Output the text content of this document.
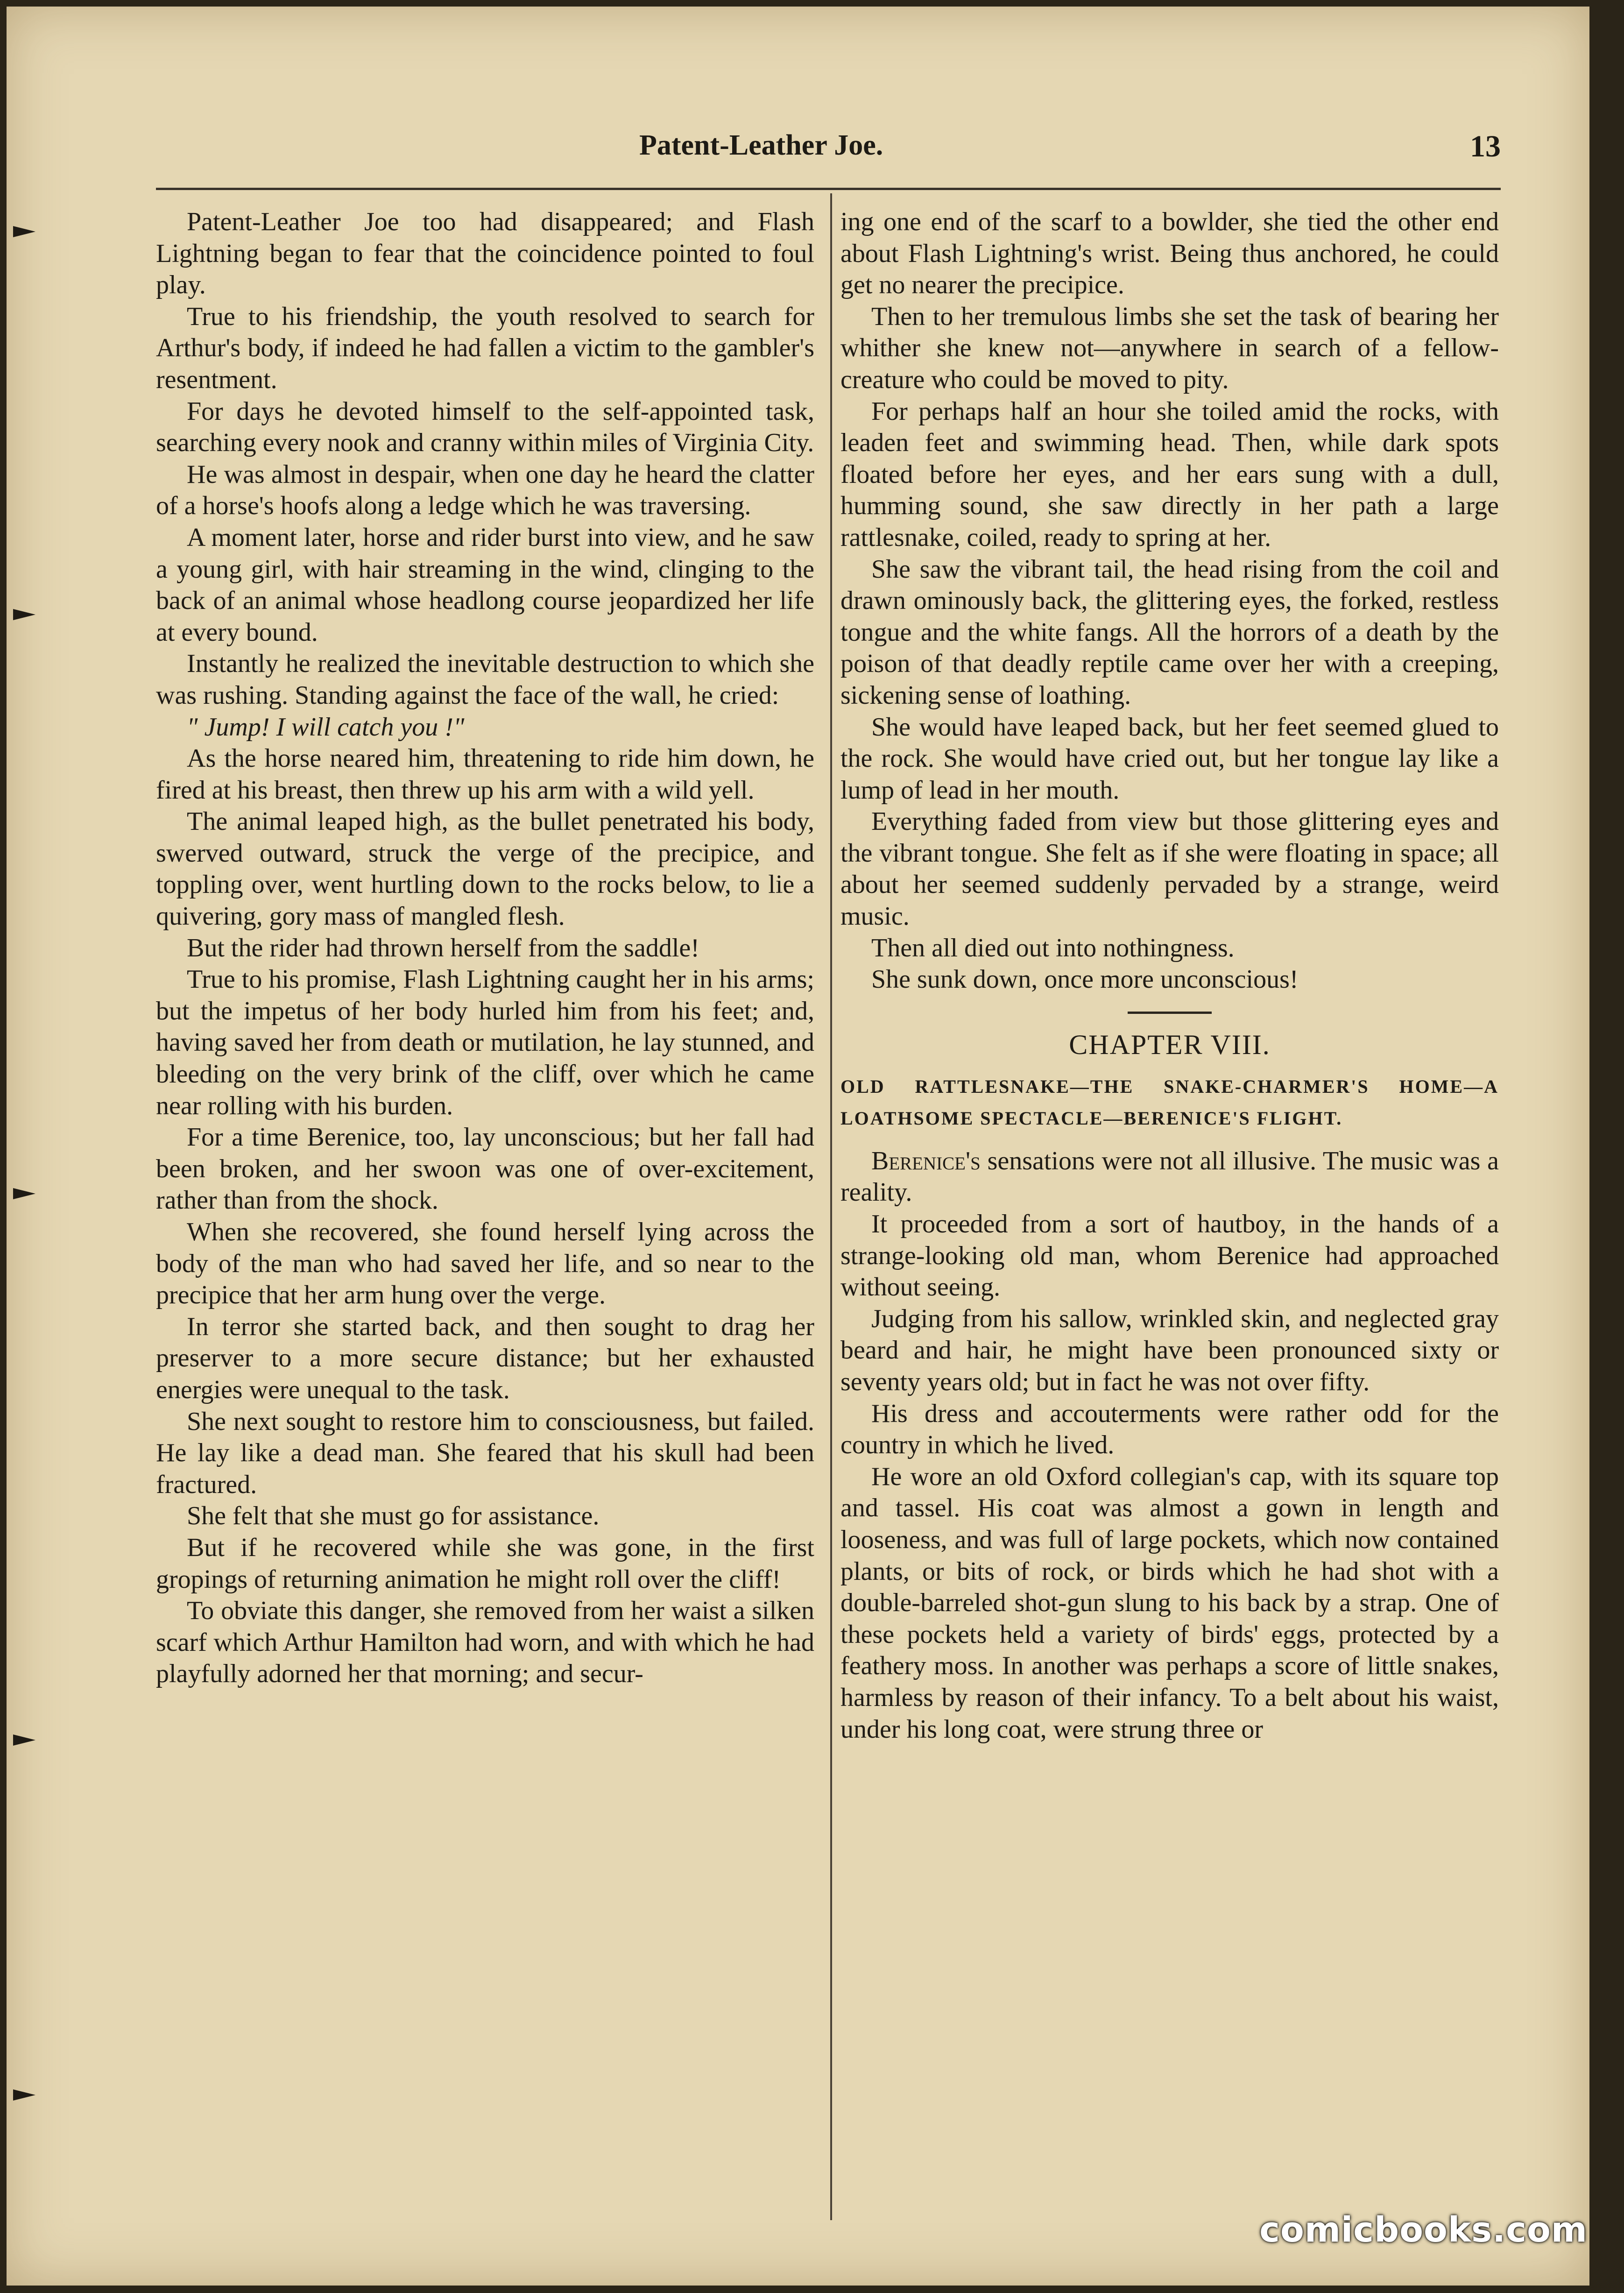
Patent-Leather Joe.	13

Patent-Leather Joe too had disappeared; and Flash Lightning began to fear that the coincidence pointed to foul play.

True to his friendship, the youth resolved to search for Arthur's body, if indeed he had fallen a victim to the gambler's resentment.

For days he devoted himself to the self-appointed task, searching every nook and cranny within miles of Virginia City.

He was almost in despair, when one day he heard the clatter of a horse's hoofs along a ledge which he was traversing.

A moment later, horse and rider burst into view, and he saw a young girl, with hair streaming in the wind, clinging to the back of an animal whose headlong course jeopardized her life at every bound.

Instantly he realized the inevitable destruction to which she was rushing. Standing against the face of the wall, he cried:

" Jump! I will catch you !"

As the horse neared him, threatening to ride him down, he fired at his breast, then threw up his arm with a wild yell.

The animal leaped high, as the bullet penetrated his body, swerved outward, struck the verge of the precipice, and toppling over, went hurtling down to the rocks below, to lie a quivering, gory mass of mangled flesh.

But the rider had thrown herself from the saddle!

True to his promise, Flash Lightning caught her in his arms; but the impetus of her body hurled him from his feet; and, having saved her from death or mutilation, he lay stunned, and bleeding on the very brink of the cliff, over which he came near rolling with his burden.

For a time Berenice, too, lay unconscious; but her fall had been broken, and her swoon was one of over-excitement, rather than from the shock.

When she recovered, she found herself lying across the body of the man who had saved her life, and so near to the precipice that her arm hung over the verge.

In terror she started back, and then sought to drag her preserver to a more secure distance; but her exhausted energies were unequal to the task.

She next sought to restore him to consciousness, but failed. He lay like a dead man. She feared that his skull had been fractured.

She felt that she must go for assistance.

But if he recovered while she was gone, in the first gropings of returning animation he might roll over the cliff!

To obviate this danger, she removed from her waist a silken scarf which Arthur Hamilton had worn, and with which he had playfully adorned her that morning; and secur-

ing one end of the scarf to a bowlder, she tied the other end about Flash Lightning's wrist. Being thus anchored, he could get no nearer the precipice.

Then to her tremulous limbs she set the task of bearing her whither she knew not—anywhere in search of a fellow-creature who could be moved to pity.

For perhaps half an hour she toiled amid the rocks, with leaden feet and swimming head. Then, while dark spots floated before her eyes, and her ears sung with a dull, humming sound, she saw directly in her path a large rattlesnake, coiled, ready to spring at her.

She saw the vibrant tail, the head rising from the coil and drawn ominously back, the glittering eyes, the forked, restless tongue and the white fangs. All the horrors of a death by the poison of that deadly reptile came over her with a creeping, sickening sense of loathing.

She would have leaped back, but her feet seemed glued to the rock. She would have cried out, but her tongue lay like a lump of lead in her mouth.

Everything faded from view but those glittering eyes and the vibrant tongue. She felt as if she were floating in space; all about her seemed suddenly pervaded by a strange, weird music.

Then all died out into nothingness.

She sunk down, once more unconscious!

CHAPTER VIII.
OLD RATTLESNAKE—THE SNAKE-CHARMER'S HOME—A LOATHSOME SPECTACLE—BERENICE'S FLIGHT.

Berenice's sensations were not all illusive. The music was a reality.

It proceeded from a sort of hautboy, in the hands of a strange-looking old man, whom Berenice had approached without seeing.

Judging from his sallow, wrinkled skin, and neglected gray beard and hair, he might have been pronounced sixty or seventy years old; but in fact he was not over fifty.

His dress and accouterments were rather odd for the country in which he lived.

He wore an old Oxford collegian's cap, with its square top and tassel. His coat was almost a gown in length and looseness, and was full of large pockets, which now contained plants, or bits of rock, or birds which he had shot with a double-barreled shot-gun slung to his back by a strap. One of these pockets held a variety of birds' eggs, protected by a feathery moss. In another was perhaps a score of little snakes, harmless by reason of their infancy. To a belt about his waist, under his long coat, were strung three or

comicbooks.com
